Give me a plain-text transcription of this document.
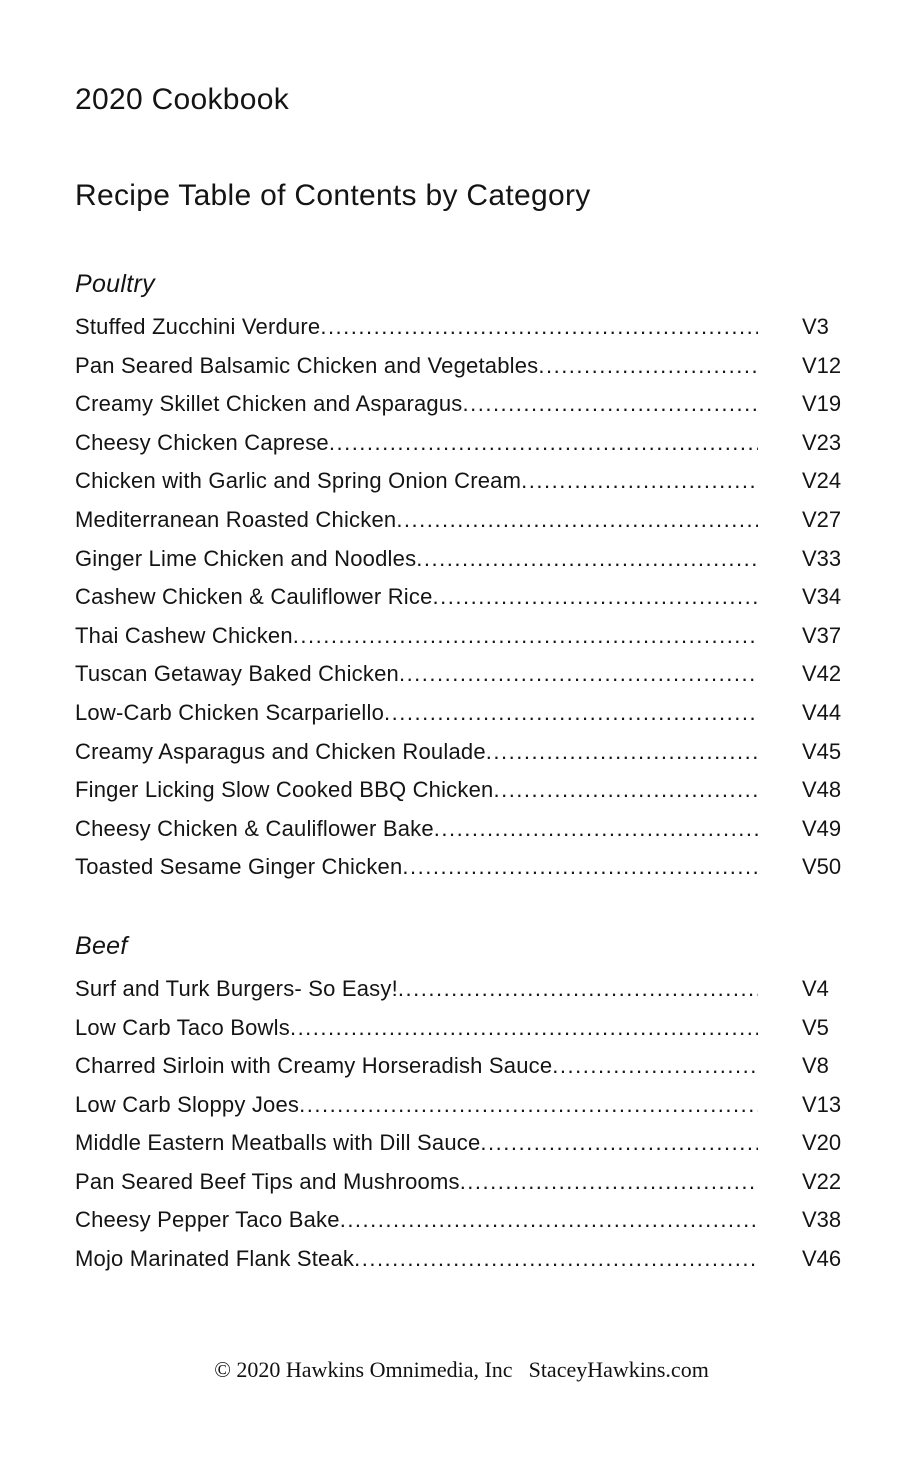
2020 Cookbook
Recipe Table of Contents by Category
Poultry
Stuffed Zucchini Verdure .....	V3
Pan Seared Balsamic Chicken and Vegetables .....	V12
Creamy Skillet Chicken and Asparagus .....	V19
Cheesy Chicken Caprese .....	V23
Chicken with Garlic and Spring Onion Cream .....	V24
Mediterranean Roasted Chicken .....	V27
Ginger Lime Chicken and Noodles .....	V33
Cashew Chicken & Cauliflower Rice .....	V34
Thai Cashew Chicken .....	V37
Tuscan Getaway Baked Chicken .....	V42
Low-Carb Chicken Scarpariello .....	V44
Creamy Asparagus and Chicken Roulade .....	V45
Finger Licking Slow Cooked BBQ Chicken .....	V48
Cheesy Chicken & Cauliflower Bake .....	V49
Toasted Sesame Ginger Chicken .....	V50
Beef
Surf and Turk Burgers- So Easy! .....	V4
Low Carb Taco Bowls .....	V5
Charred Sirloin with Creamy Horseradish Sauce .....	V8
Low Carb Sloppy Joes .....	V13
Middle Eastern Meatballs with Dill Sauce .....	V20
Pan Seared Beef Tips and Mushrooms .....	V22
Cheesy Pepper Taco Bake .....	V38
Mojo Marinated Flank Steak .....	V46
© 2020 Hawkins Omnimedia, Inc StaceyHawkins.com
